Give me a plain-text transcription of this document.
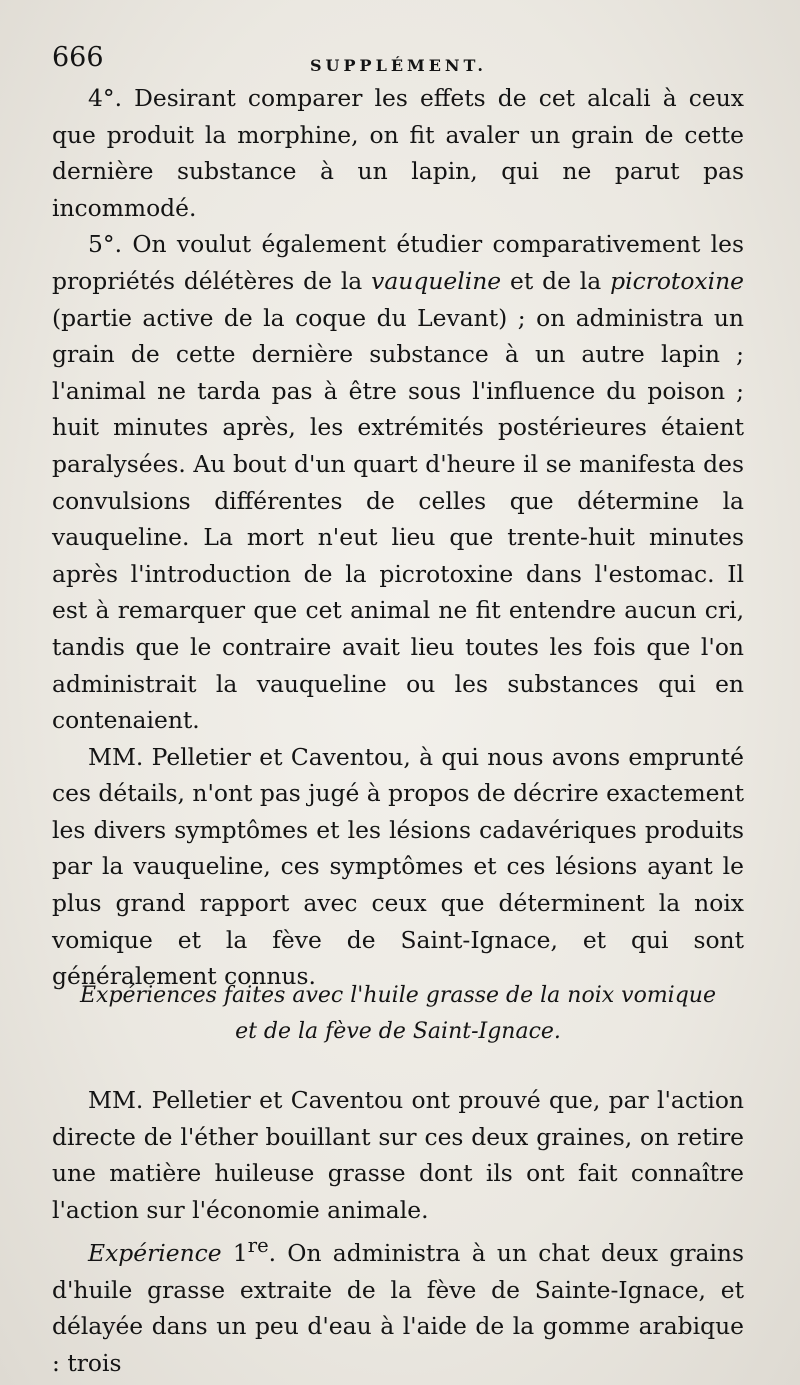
666	SUPPLÉMENT.

4°. Desirant comparer les effets de cet alcali à ceux que produit la morphine, on fit avaler un grain de cette dernière substance à un lapin, qui ne parut pas incommodé.

5°. On voulut également étudier comparativement les propriétés délétères de la vauqueline et de la picrotoxine (partie active de la coque du Levant) ; on administra un grain de cette dernière substance à un autre lapin ; l'animal ne tarda pas à être sous l'influence du poison ; huit minutes après, les extrémités postérieures étaient paralysées. Au bout d'un quart d'heure il se manifesta des convulsions différentes de celles que détermine la vauqueline. La mort n'eut lieu que trente-huit minutes après l'introduction de la picrotoxine dans l'estomac. Il est à remarquer que cet animal ne fit entendre aucun cri, tandis que le contraire avait lieu toutes les fois que l'on administrait la vauqueline ou les substances qui en contenaient.

MM. Pelletier et Caventou, à qui nous avons emprunté ces détails, n'ont pas jugé à propos de décrire exactement les divers symptômes et les lésions cadavériques produits par la vauqueline, ces symptômes et ces lésions ayant le plus grand rapport avec ceux que déterminent la noix vomique et la fève de Saint-Ignace, et qui sont généralement connus.

Expériences faites avec l'huile grasse de la noix vomique

et de la fève de Saint-Ignace.

MM. Pelletier et Caventou ont prouvé que, par l'action directe de l'éther bouillant sur ces deux graines, on retire une matière huileuse grasse dont ils ont fait connaître l'action sur l'économie animale.

Expérience 1re. On administra à un chat deux grains d'huile grasse extraite de la fève de Sainte-Ignace, et délayée dans un peu d'eau à l'aide de la gomme arabique : trois
